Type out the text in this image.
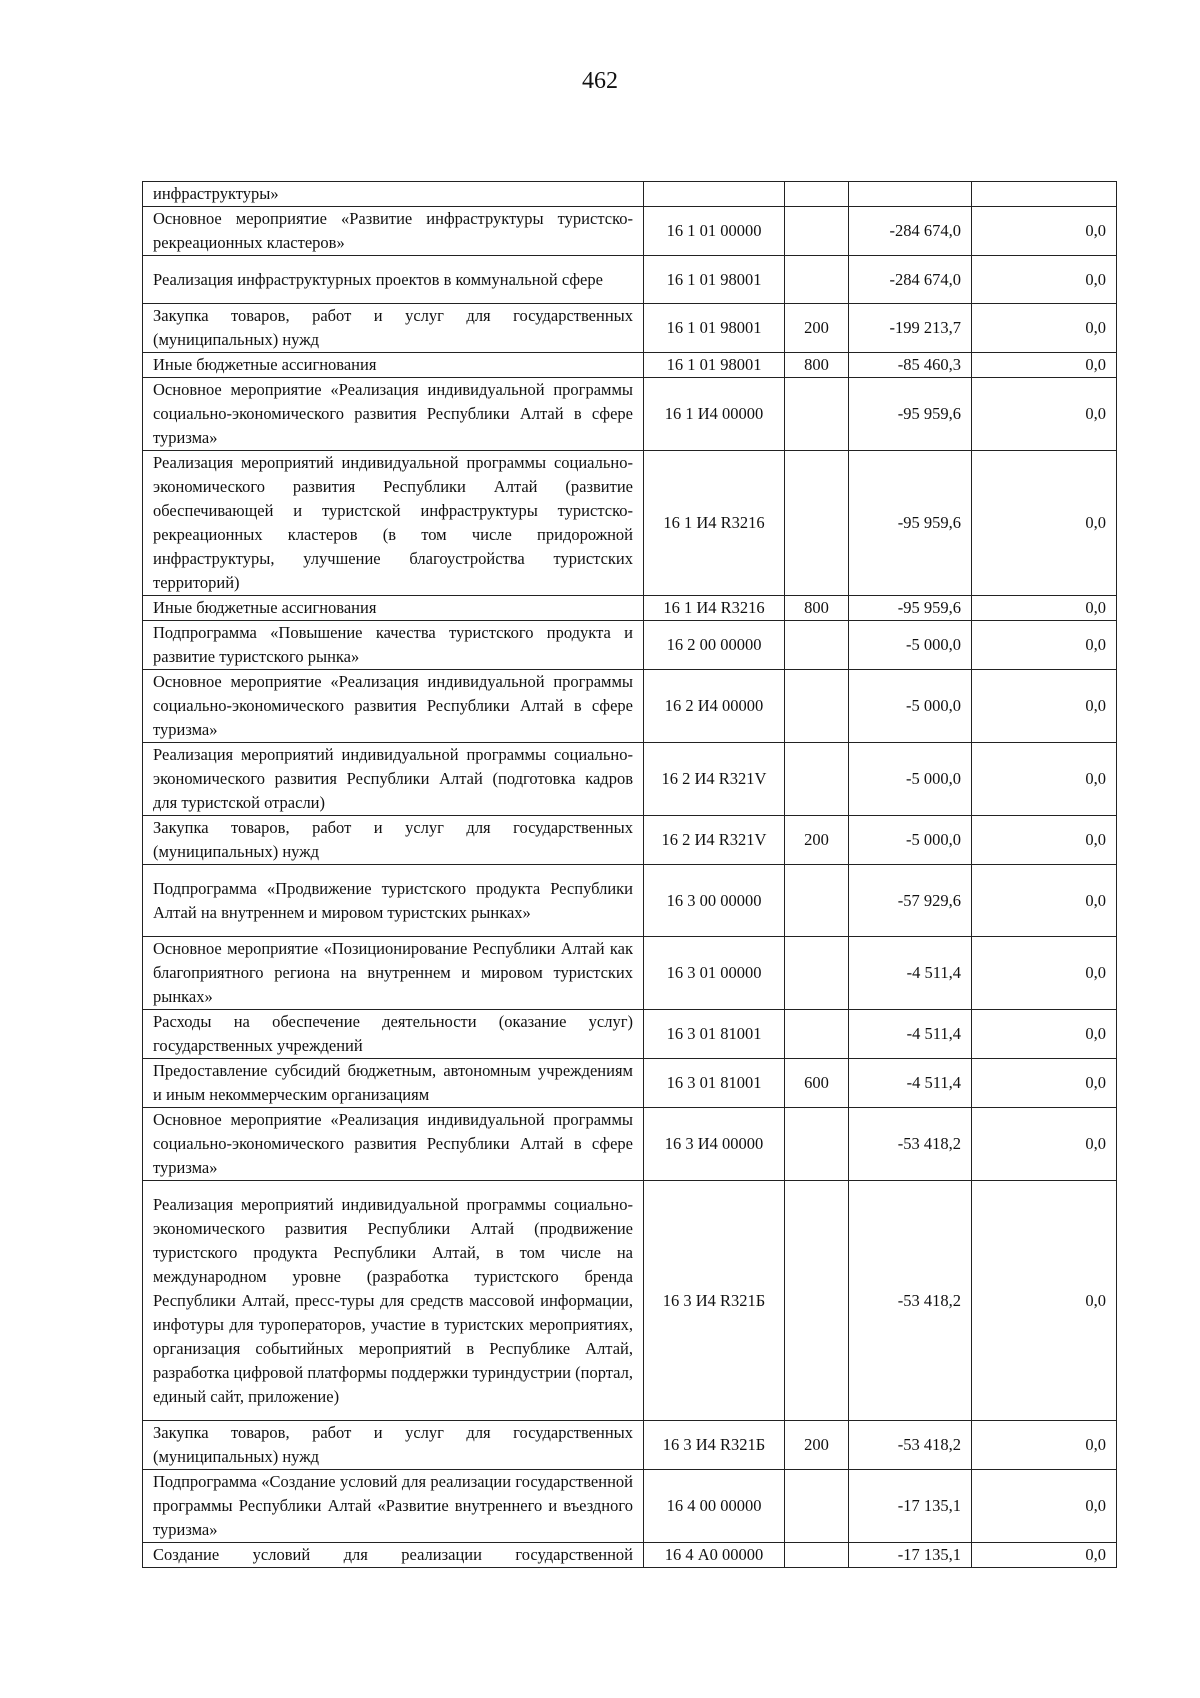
462
инфраструктуры»				
Основное мероприятие «Развитие инфраструктуры туристско-рекреационных кластеров»	16 1 01 00000		-284 674,0	0,0
Реализация инфраструктурных проектов в коммунальной сфере	16 1 01 98001		-284 674,0	0,0
Закупка товаров, работ и услуг для государственных (муниципальных) нужд	16 1 01 98001	200	-199 213,7	0,0
Иные бюджетные ассигнования	16 1 01 98001	800	-85 460,3	0,0
Основное мероприятие «Реализация индивидуальной программы социально-экономического развития Республики Алтай в сфере туризма»	16 1 И4 00000		-95 959,6	0,0
Реализация мероприятий индивидуальной программы социально-экономического развития Республики Алтай (развитие обеспечивающей и туристской инфраструктуры туристско-рекреационных кластеров (в том числе придорожной инфраструктуры, улучшение благоустройства туристских территорий)	16 1 И4 R3216		-95 959,6	0,0
Иные бюджетные ассигнования	16 1 И4 R3216	800	-95 959,6	0,0
Подпрограмма «Повышение качества туристского продукта и развитие туристского рынка»	16 2 00 00000		-5 000,0	0,0
Основное мероприятие «Реализация индивидуальной программы социально-экономического развития Республики Алтай в сфере туризма»	16 2 И4 00000		-5 000,0	0,0
Реализация мероприятий индивидуальной программы социально-экономического развития Республики Алтай (подготовка кадров для туристской отрасли)	16 2 И4 R321V		-5 000,0	0,0
Закупка товаров, работ и услуг для государственных (муниципальных) нужд	16 2 И4 R321V	200	-5 000,0	0,0
Подпрограмма «Продвижение туристского продукта Республики Алтай на внутреннем и мировом туристских рынках»	16 3 00 00000		-57 929,6	0,0
Основное мероприятие «Позиционирование Республики Алтай как благоприятного региона на внутреннем и мировом туристских рынках»	16 3 01 00000		-4 511,4	0,0
Расходы на обеспечение деятельности (оказание услуг) государственных учреждений	16 3 01 81001		-4 511,4	0,0
Предоставление субсидий бюджетным, автономным учреждениям и иным некоммерческим организациям	16 3 01 81001	600	-4 511,4	0,0
Основное мероприятие «Реализация индивидуальной программы социально-экономического развития Республики Алтай в сфере туризма»	16 3 И4 00000		-53 418,2	0,0
Реализация мероприятий индивидуальной программы социально-экономического развития Республики Алтай (продвижение туристского продукта Республики Алтай, в том числе на международном уровне (разработка туристского бренда Республики Алтай, пресс-туры для средств массовой информации, инфотуры для туроператоров, участие в туристских мероприятиях, организация событийных мероприятий в Республике Алтай, разработка цифровой платформы поддержки туриндустрии (портал, единый сайт, приложение)	16 3 И4 R321Б		-53 418,2	0,0
Закупка товаров, работ и услуг для государственных (муниципальных) нужд	16 3 И4 R321Б	200	-53 418,2	0,0
Подпрограмма «Создание условий для реализации государственной программы Республики Алтай «Развитие внутреннего и въездного туризма»	16 4 00 00000		-17 135,1	0,0
Создание условий для реализации государственной	16 4 А0 00000		-17 135,1	0,0
